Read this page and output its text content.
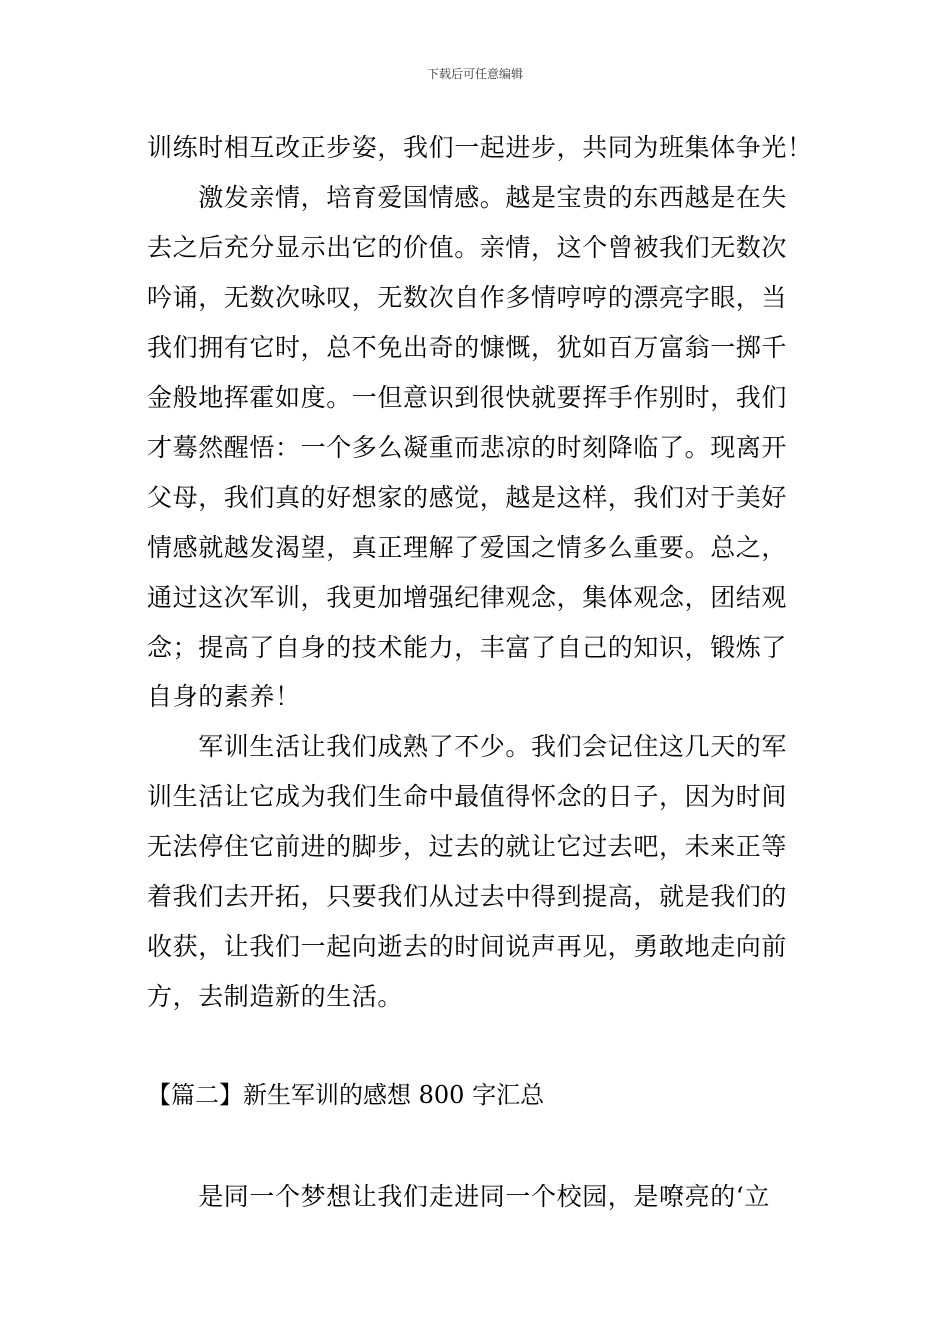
下载后可任意编辑
训练时相互改正步姿，我们一起进步，共同为班集体争光！
　　激发亲情，培育爱国情感。越是宝贵的东西越是在失
去之后充分显示出它的价值。亲情，这个曾被我们无数次
吟诵，无数次咏叹，无数次自作多情哼哼的漂亮字眼，当
我们拥有它时，总不免出奇的慷慨，犹如百万富翁一掷千
金般地挥霍如度。一但意识到很快就要挥手作别时，我们
才蓦然醒悟：一个多么凝重而悲凉的时刻降临了。现离开
父母，我们真的好想家的感觉，越是这样，我们对于美好
情感就越发渴望，真正理解了爱国之情多么重要。总之，
通过这次军训，我更加增强纪律观念，集体观念，团结观
念；提高了自身的技术能力，丰富了自己的知识，锻炼了
自身的素养！
　　军训生活让我们成熟了不少。我们会记住这几天的军
训生活让它成为我们生命中最值得怀念的日子，因为时间
无法停住它前进的脚步，过去的就让它过去吧，未来正等
着我们去开拓，只要我们从过去中得到提高，就是我们的
收获，让我们一起向逝去的时间说声再见，勇敢地走向前
方，去制造新的生活。
【篇二】新生军训的感想 800 字汇总
　　是同一个梦想让我们走进同一个校园，是嘹亮的‘立
